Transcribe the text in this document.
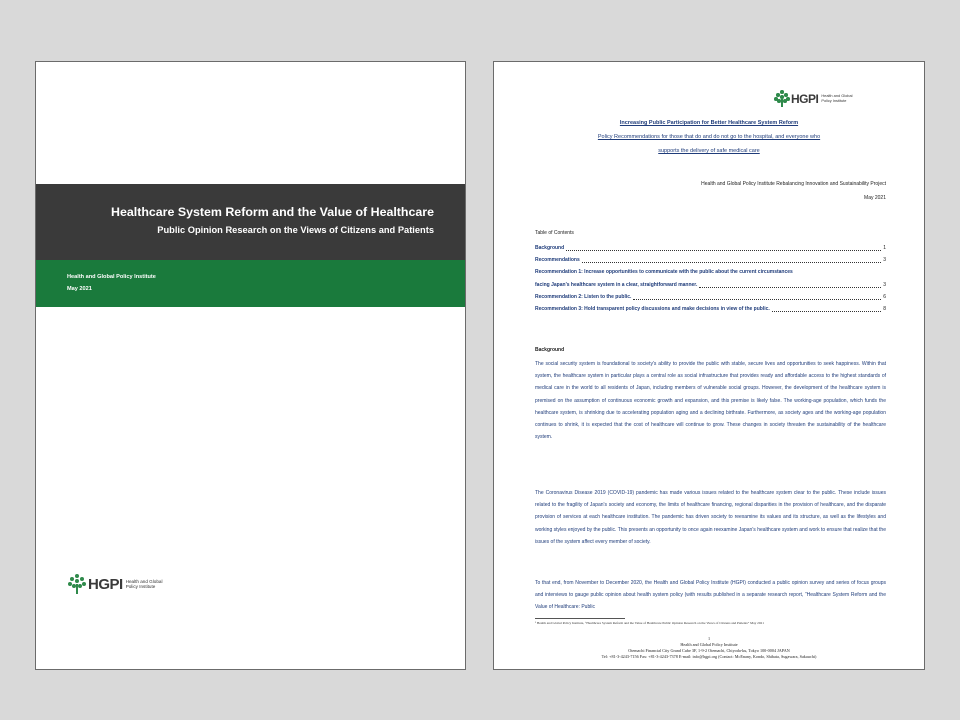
Healthcare System Reform and the Value of Healthcare

Public Opinion Research on the Views of Citizens and Patients

Health and Global Policy Institute

May 2021

HGPI Health and Global Policy Institute
HGPI Health and Global Policy Institute

Increasing Public Participation for Better Healthcare System Reform

Policy Recommendations for those that do and do not go to the hospital, and everyone who

supports the delivery of safe medical care

Health and Global Policy Institute Rebalancing Innovation and Sustainability Project

May 2021

Table of Contents

Background	1
Recommendations	3
Recommendation 1: Increase opportunities to communicate with the public about the current circumstances
facing Japan's healthcare system in a clear, straightforward manner.	3
Recommendation 2: Listen to the public.	6
Recommendation 3: Hold transparent policy discussions and make decisions in view of the public.	8

Background

The social security system is foundational to society's ability to provide the public with stable, secure lives and opportunities to seek happiness. Within that system, the healthcare system in particular plays a central role as social infrastructure that provides ready and affordable access to the highest standards of medical care in the world to all residents of Japan, including members of vulnerable social groups. However, the development of the healthcare system is premised on the assumption of continuous economic growth and expansion, and this premise is likely false. The working-age population, which funds the healthcare system, is shrinking due to accelerating population aging and a declining birthrate. Furthermore, as society ages and the working-age population continues to shrink, it is expected that the cost of healthcare will continue to grow. These changes in society threaten the sustainability of the healthcare system.

The Coronavirus Disease 2019 (COVID-19) pandemic has made various issues related to the healthcare system clear to the public. These include issues related to the fragility of Japan's society and economy, the limits of healthcare financing, regional disparities in the provision of healthcare, and the disparate provision of services at each healthcare institution. The pandemic has driven society to reexamine its values and its structure, as well as the lifestyles and working styles enjoyed by the public. This presents an opportunity to once again reexamine Japan's healthcare system and work to ensure that realize that the issues of the system affect every member of society.

To that end, from November to December 2020, the Health and Global Policy Institute (HGPI) conducted a public opinion survey and series of focus groups and interviews to gauge public opinion about health system policy (with results published in a separate research report, “Healthcare System Reform and the Value of Healthcare: Public

¹ Health and Global Policy Institute, “Healthcare System Reform and the Value of Healthcare Public Opinion Research on the Views of Citizens and Patients” May 2021

1

Health and Global Policy Institute

Otemachi Financial City Grand Cube 3F, 1-9-2 Otemachi, Chiyoda-ku, Tokyo 100-0004 JAPAN

Tel: +81-3-4243-7156 Fax: +81-3-4243-7378 E-mail: info@hgpi.org (Contact: McEnany, Kondo, Shibata, Sugawara, Sakauchi)
